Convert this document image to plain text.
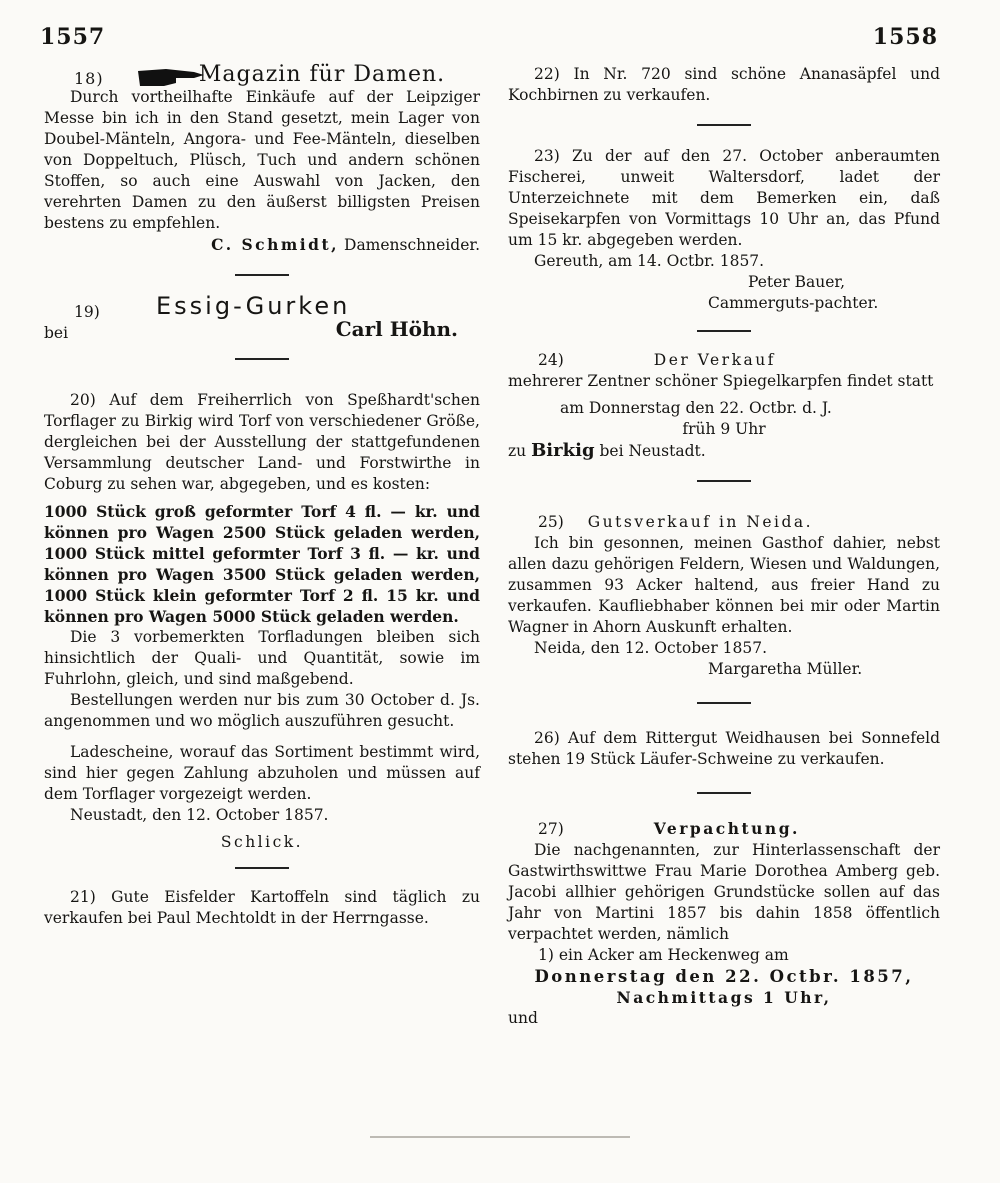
1557	1558
18)	Magazin für Damen.

Durch vortheilhafte Einkäufe auf der Leipziger Messe bin ich in den Stand gesetzt, mein Lager von Doubel-Mänteln, Angora- und Fee-Mänteln, dieselben von Doppeltuch, Plüsch, Tuch und andern schönen Stoffen, so auch eine Auswahl von Jacken, den verehrten Damen zu den äußerst billigsten Preisen bestens zu empfehlen.

C. Schmidt, Damenschneider.

19) Essig-Gurken
bei	Carl Höhn.

20) Auf dem Freiherrlich von Speßhardt'schen Torflager zu Birkig wird Torf von verschiedener Größe, dergleichen bei der Ausstellung der stattgefundenen Versammlung deutscher Land- und Forstwirthe in Coburg zu sehen war, abgegeben, und es kosten:

1000 Stück groß geformter Torf 4 fl. — kr. und können pro Wagen 2500 Stück geladen werden, 1000 Stück mittel geformter Torf 3 fl. — kr. und können pro Wagen 3500 Stück geladen werden, 1000 Stück klein geformter Torf 2 fl. 15 kr. und können pro Wagen 5000 Stück geladen werden.

Die 3 vorbemerkten Torfladungen bleiben sich hinsichtlich der Quali- und Quantität, sowie im Fuhrlohn, gleich, und sind maßgebend.

Bestellungen werden nur bis zum 30 October d. Js. angenommen und wo möglich auszuführen gesucht.

Ladescheine, worauf das Sortiment bestimmt wird, sind hier gegen Zahlung abzuholen und müssen auf dem Torflager vorgezeigt werden.

Neustadt, den 12. October 1857.

Schlick.

21) Gute Eisfelder Kartoffeln sind täglich zu verkaufen bei Paul Mechtoldt in der Herrngasse.

22) In Nr. 720 sind schöne Ananasäpfel und Kochbirnen zu verkaufen.

23) Zu der auf den 27. October anberaumten Fischerei, unweit Waltersdorf, ladet der Unterzeichnete mit dem Bemerken ein, daß Speisekarpfen von Vormittags 10 Uhr an, das Pfund um 15 kr. abgegeben werden.

Gereuth, am 14. Octbr. 1857.

Peter Bauer,

Cammerguts-pachter.

24)	Der Verkauf

mehrerer Zentner schöner Spiegelkarpfen findet statt

am Donnerstag den 22. Octbr. d. J.

früh 9 Uhr

zu Birkig bei Neustadt.

25) Gutsverkauf in Neida.

Ich bin gesonnen, meinen Gasthof dahier, nebst allen dazu gehörigen Feldern, Wiesen und Waldungen, zusammen 93 Acker haltend, aus freier Hand zu verkaufen. Kaufliebhaber können bei mir oder Martin Wagner in Ahorn Auskunft erhalten.

Neida, den 12. October 1857.

Margaretha Müller.

26) Auf dem Rittergut Weidhausen bei Sonnefeld stehen 19 Stück Läufer-Schweine zu verkaufen.

27)	Verpachtung.

Die nachgenannten, zur Hinterlassenschaft der Gastwirthswittwe Frau Marie Dorothea Amberg geb. Jacobi allhier gehörigen Grundstücke sollen auf das Jahr von Martini 1857 bis dahin 1858 öffentlich verpachtet werden, nämlich

1) ein Acker am Heckenweg am

Donnerstag den 22. Octbr. 1857,

Nachmittags 1 Uhr,

und
